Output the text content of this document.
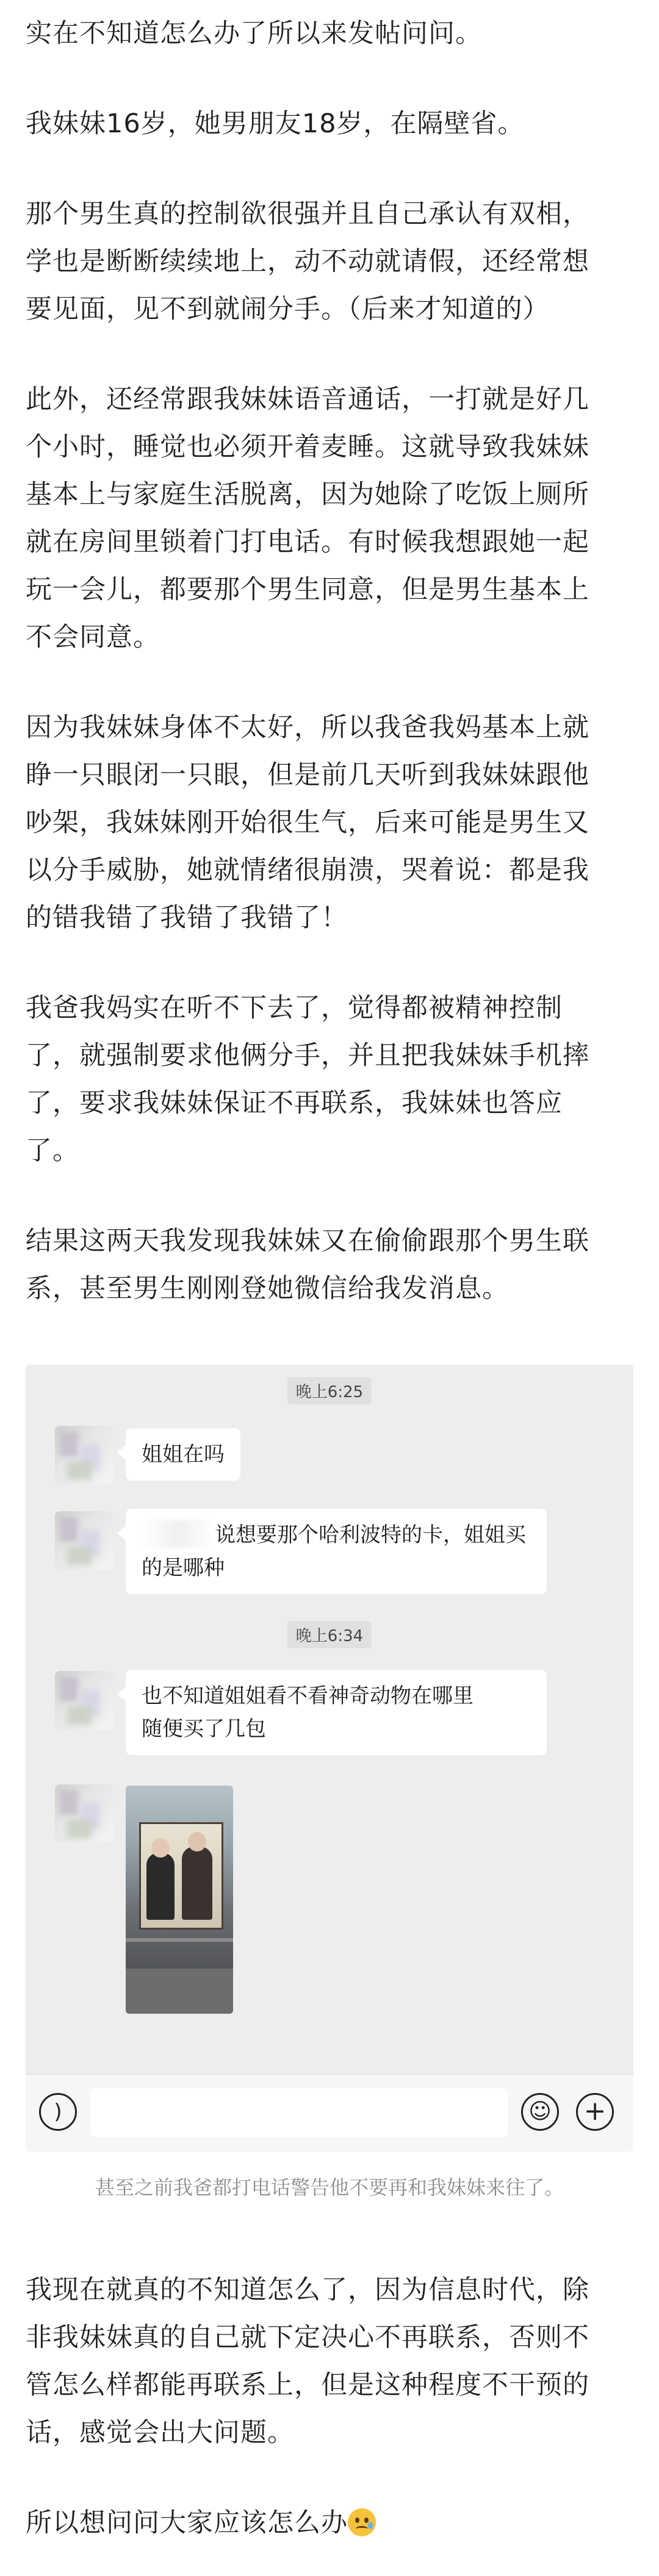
实在不知道怎么办了所以来发帖问问。

我妹妹16岁，她男朋友18岁，在隔壁省。

那个男生真的控制欲很强并且自己承认有双相，
学也是断断续续地上，动不动就请假，还经常想
要见面，见不到就闹分手。（后来才知道的）

此外，还经常跟我妹妹语音通话，一打就是好几
个小时，睡觉也必须开着麦睡。这就导致我妹妹
基本上与家庭生活脱离，因为她除了吃饭上厕所
就在房间里锁着门打电话。有时候我想跟她一起
玩一会儿，都要那个男生同意，但是男生基本上
不会同意。

因为我妹妹身体不太好，所以我爸我妈基本上就
睁一只眼闭一只眼，但是前几天听到我妹妹跟他
吵架，我妹妹刚开始很生气，后来可能是男生又
以分手威胁，她就情绪很崩溃，哭着说：都是我
的错我错了我错了我错了！

我爸我妈实在听不下去了，觉得都被精神控制
了，就强制要求他俩分手，并且把我妹妹手机摔
了，要求我妹妹保证不再联系，我妹妹也答应
了。

结果这两天我发现我妹妹又在偷偷跟那个男生联
系，甚至男生刚刚登她微信给我发消息。

晚上6:25
姐姐在吗
说想要那个哈利波特的卡，姐姐买
的是哪种
晚上6:34
也不知道姐姐看不看神奇动物在哪里
随便买了几包
)	☺ +
甚至之前我爸都打电话警告他不要再和我妹妹来往了。

我现在就真的不知道怎么了，因为信息时代，除
非我妹妹真的自己就下定决心不再联系，否则不
管怎么样都能再联系上，但是这种程度不干预的
话，感觉会出大问题。

所以想问问大家应该怎么办
